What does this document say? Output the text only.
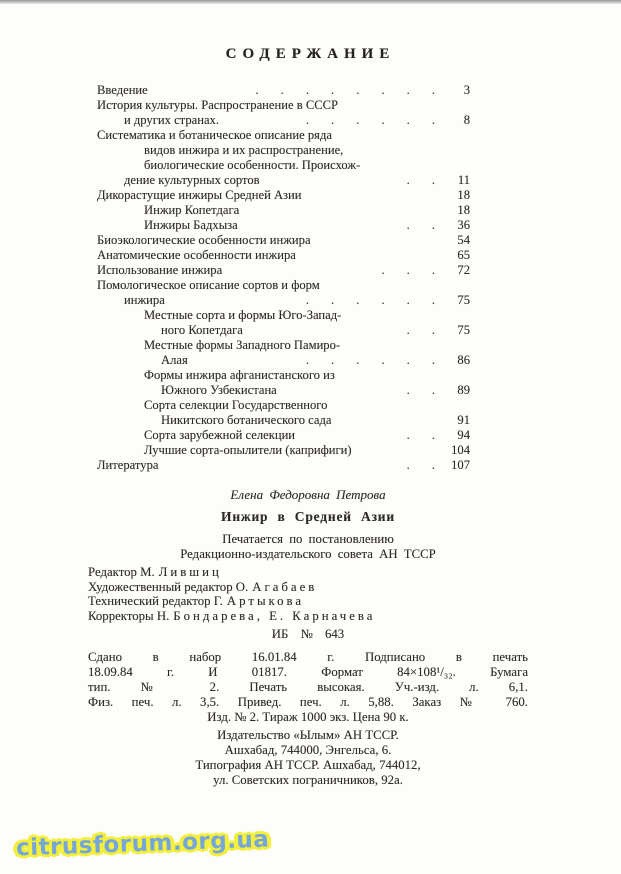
СОДЕРЖАНИЕ
Введение	. . . . . . . .	3
История культуры. Распространение в СССР
и других странах.	. . . . . .	8
Систематика и ботаническое описание ряда
видов инжира и их распространение,
биологические особенности. Происхож-
дение культурных сортов	. .	11
Дикорастущие инжиры Средней Азии	18
Инжир Копетдага	18
Инжиры Бадхыза	. .	36
Биоэкологические особенности инжира	54
Анатомические особенности инжира	65
Использование инжира	. . .	72
Помологическое описание сортов и форм
инжира	. . . . . .	75
Местные сорта и формы Юго-Запад-
ного Копетдага	. .	75
Местные формы Западного Памиро-
Алая	. . . . . .	86
Формы инжира афганистанского из
Южного Узбекистана	. .	89
Сорта селекции Государственного
Никитского ботанического сада	91
Сорта зарубежной селекции	. .	94
Лучшие сорта-опылители (каприфиги)	104
Литература	. .	107
Елена Федоровна Петрова
Инжир в Средней Азии
Печатается по постановлению
Редакционно-издательского совета АН ТССР
Редактор М. Лившиц
Художественный редактор О. Агабаев
Технический редактор Г. Артыкова
Корректоры Н. Бондарева, Е. Карначева
ИБ № 643
Сдано в набор 16.01.84 г. Подписано в печать
18.09.84 г. И 01817. Формат 84×108¹/₃₂. Бумага
тип. № 2. Печать высокая. Уч.-изд. л. 6,1.
Физ. печ. л. 3,5. Привед. печ. л. 5,88. Заказ № 760.
Изд. № 2. Тираж 1000 экз. Цена 90 к.
Издательство «Ылым» АН ТССР.
Ашхабад, 744000, Энгельса, 6.
Типография АН ТССР. Ашхабад, 744012,
ул. Советских пограничников, 92а.
citrusforum.org.ua
